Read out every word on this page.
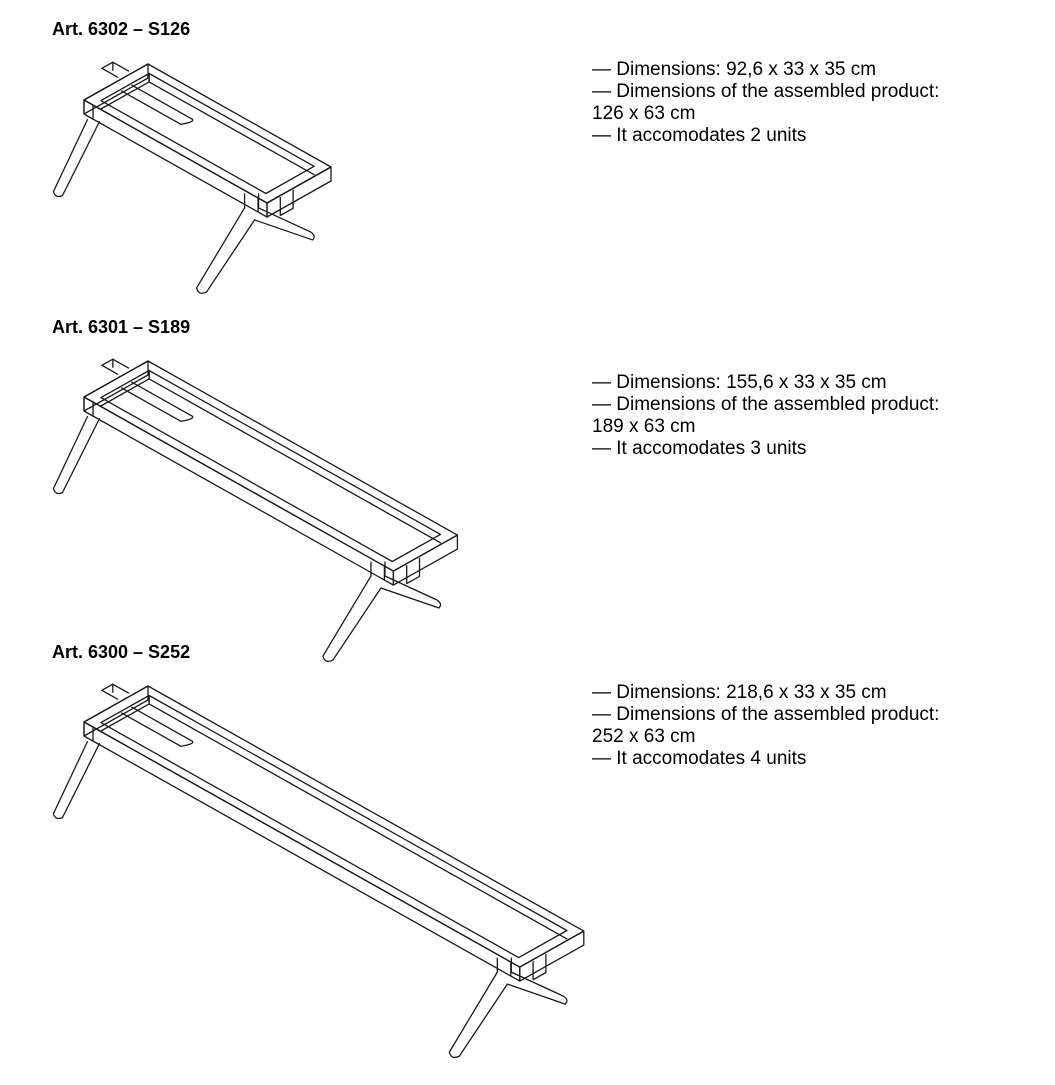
Art. 6302 – S126
— Dimensions: 92,6 x 33 x 35 cm
— Dimensions of the assembled product:
126 x 63 cm
— It accomodates 2 units
Art. 6301 – S189
— Dimensions: 155,6 x 33 x 35 cm
— Dimensions of the assembled product:
189 x 63 cm
— It accomodates 3 units
Art. 6300 – S252
— Dimensions: 218,6 x 33 x 35 cm
— Dimensions of the assembled product:
252 x 63 cm
— It accomodates 4 units
